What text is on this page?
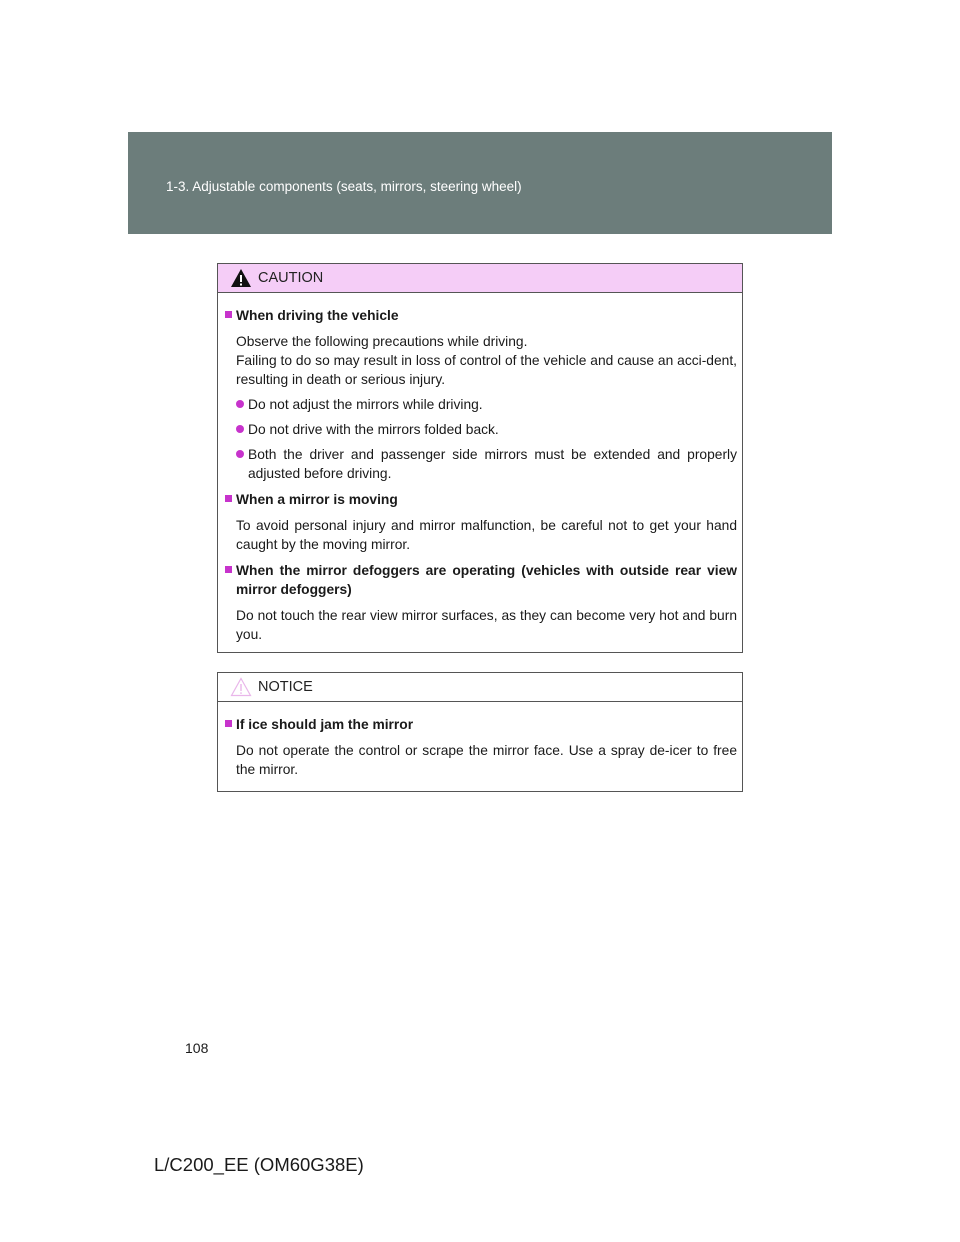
1-3. Adjustable components (seats, mirrors, steering wheel)
CAUTION
When driving the vehicle
Observe the following precautions while driving.
Failing to do so may result in loss of control of the vehicle and cause an acci-dent, resulting in death or serious injury.
Do not adjust the mirrors while driving.
Do not drive with the mirrors folded back.
Both the driver and passenger side mirrors must be extended and properly adjusted before driving.
When a mirror is moving
To avoid personal injury and mirror malfunction, be careful not to get your hand caught by the moving mirror.
When the mirror defoggers are operating (vehicles with outside rear view mirror defoggers)
Do not touch the rear view mirror surfaces, as they can become very hot and burn you.
NOTICE
If ice should jam the mirror
Do not operate the control or scrape the mirror face. Use a spray de-icer to free the mirror.
108
L/C200_EE (OM60G38E)
